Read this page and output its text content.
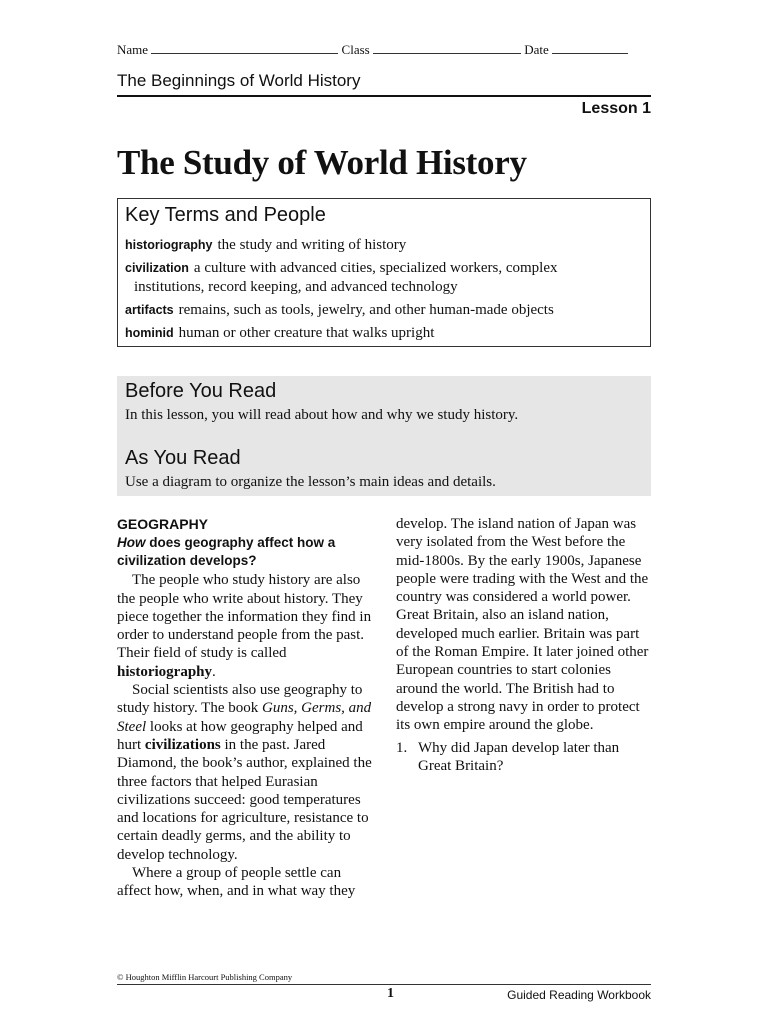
Name	Class	Date
The Beginnings of World History
Lesson 1
The Study of World History
Key Terms and People
historiography the study and writing of history
civilization a culture with advanced cities, specialized workers, complex
institutions, record keeping, and advanced technology
artifacts remains, such as tools, jewelry, and other human-made objects
hominid human or other creature that walks upright
Before You Read

In this lesson, you will read about how and why we study history.

As You Read

Use a diagram to organize the lesson’s main ideas and details.

GEOGRAPHY
How does geography affect how a civilization develops?

The people who study history are also the people who write about history. They piece together the information they find in order to understand people from the past. Their field of study is called historiography.

Social scientists also use geography to study history. The book Guns, Germs, and Steel looks at how geography helped and hurt civilizations in the past. Jared Diamond, the book’s author, explained the three factors that helped Eurasian civilizations succeed: good temperatures and locations for agriculture, resistance to certain deadly germs, and the ability to develop technology.

Where a group of people settle can affect how, when, and in what way they

develop. The island nation of Japan was very isolated from the West before the mid-1800s. By the early 1900s, Japanese people were trading with the West and the country was considered a world power. Great Britain, also an island nation, developed much earlier. Britain was part of the Roman Empire. It later joined other European countries to start colonies around the world. The British had to develop a strong navy in order to protect its own empire around the globe.

1. Why did Japan develop later than Great Britain?
© Houghton Mifflin Harcourt Publishing Company
1	Guided Reading Workbook
